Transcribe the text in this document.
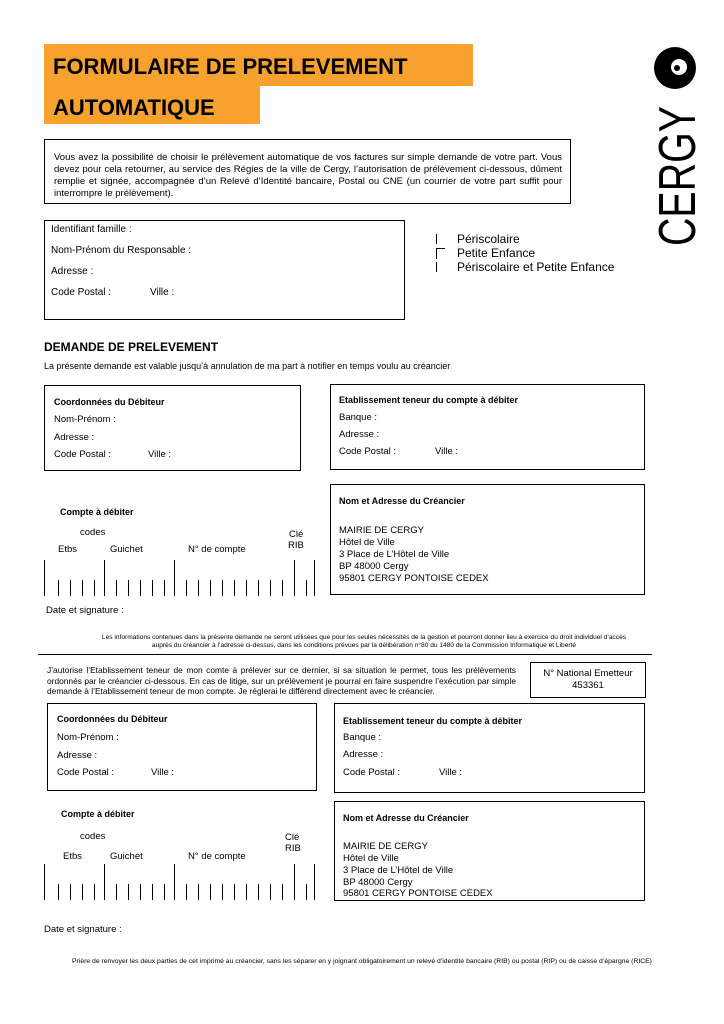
FORMULAIRE DE PRELEVEMENT
AUTOMATIQUE	CERGY
Vous avez la possibilité de choisir le prélèvement automatique de vos factures sur simple demande de votre part. Vous devez pour cela retourner, au service des Régies de la ville de Cergy, l’autorisation de prélèvement ci-dessous, dûment remplie et signée, accompagnée d’un Relevé d’Identité bancaire, Postal ou CNE (un courrier de votre part suffit pour interrompre le prélèvement).
Identifiant famille :
Nom-Prénom du Responsable :
Adresse :
Code Postal :	Ville :
Périscolaire
Petite Enfance
Périscolaire et Petite Enfance
DEMANDE DE PRELEVEMENT
La présente demande est valable jusqu’à annulation de ma part à notifier en temps voulu au créancier
Coordonnées du Débiteur
Nom-Prénom :
Adresse :
Code Postal :	Ville :
Etablissement teneur du compte à débiter
Banque :
Adresse :
Code Postal :	Ville :
Compte à débiter
codes	Clé
Etbs	Guichet	N° de compte	RIB
Nom et Adresse du Créancier
MAIRIE DE CERGY
Hôtel de Ville
3 Place de L’Hôtel de Ville
BP 48000 Cergy
95801 CERGY PONTOISE CEDEX
Date et signature :
Les informations contenues dans la présente demande ne seront utilisées que pour les seules nécessités de la gestion et pourront donner lieu à exercice du droit individuel d’accès
auprès du créancier à l’adresse ci-dessus, dans les conditions prévues par la délibération n°80 du 1480 de la Commission Informatique et Liberté
J’autorise l’Etablissement teneur de mon comte à prélever sur ce dernier, si sa situation le permet, tous les prélèvements ordonnés par le créancier ci-dessous. En cas de litige, sur un prélèvement je pourrai en faire suspendre l’exécution par simple demande à l’Etablissement teneur de mon compte. Je réglerai le différend directement avec le créancier.
N° National Emetteur
453361
Coordonnées du Débiteur
Nom-Prénom :
Adresse :
Code Postal :	Ville :
Etablissement teneur du compte à débiter
Banque :
Adresse :
Code Postal :	Ville :
Compte à débiter
codes	Clé
Etbs	Guichet	N° de compte
RIB
Nom et Adresse du Créancier
MAIRIE DE CERGY
Hôtel de Ville
3 Place de L’Hôtel de Ville
BP 48000 Cergy
95801 CERGY PONTOISE CEDEX
Date et signature :
Prière de renvoyer les deux parties de cet imprimé au créancier, sans les séparer en y joignant obligatoirement un relevé d’identité bancaire (RIB) ou postal (RIP) ou de caisse d’épargne (RICE)
